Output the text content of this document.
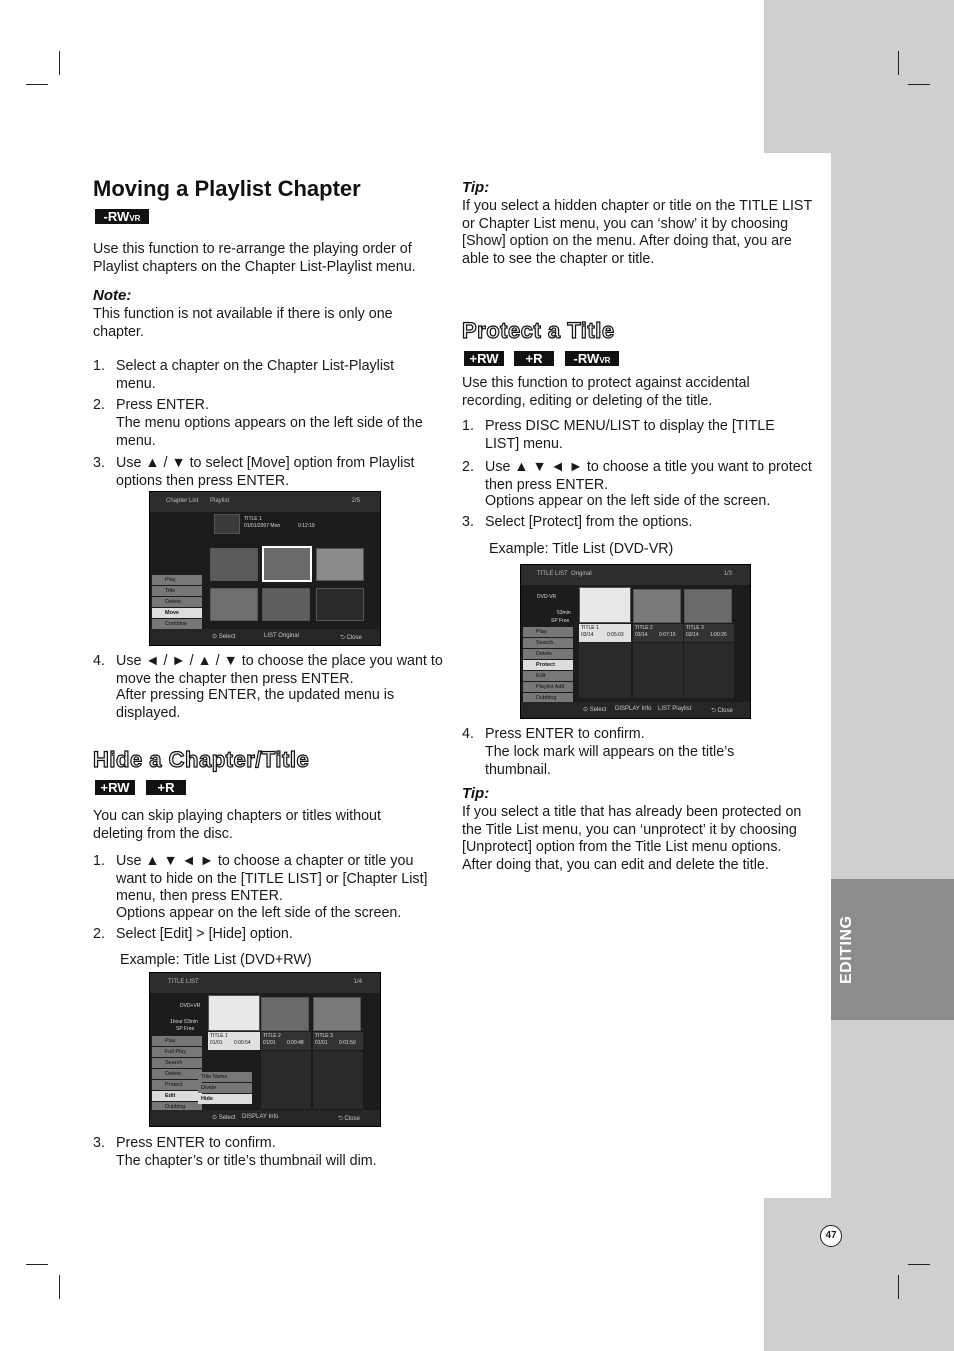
EDITING
47
Moving a Playlist Chapter
-RWVR
Use this function to re-arrange the playing order of Playlist chapters on the Chapter List-Playlist menu.
Note:
This function is not available if there is only one chapter.
1. Select a chapter on the Chapter List-Playlist menu.
2. Press ENTER.
The menu options appears on the left side of the menu.
3. Use ▲ / ▼ to select [Move] option from Playlist options then press ENTER.
Chapter List Playlist	2/5
TITLE 1
01/01/2007 Mon	0:12:19
Play
Title
Delete
Move
Combine
⊙ Select	LIST Original	⮌ Close
4. Use ◄ / ► / ▲ / ▼ to choose the place you want to move the chapter then press ENTER.
After pressing ENTER, the updated menu is displayed.
Hide a Chapter/Title
+RW	+R
You can skip playing chapters or titles without deleting from the disc.
1. Use ▲ ▼ ◄ ► to choose a chapter or title you want to hide on the [TITLE LIST] or [Chapter List] menu, then press ENTER.
Options appear on the left side of the screen.
2. Select [Edit] > [Hide] option.
Example: Title List (DVD+RW)
TITLE LIST	1/4
DVD+VR
1hour 53min
SP Free
TITLE 1
01/01 0:00:54
TITLE 2
01/01 0:00:48
TITLE 3
01/01 0:01:50
Play
Full Play
Search
Delete
Protect
Edit
Dubbing
Title Name
Divide
Hide
⊙ Select DISPLAY Info	⮌ Close
3. Press ENTER to confirm.
The chapter’s or title’s thumbnail will dim.
Tip:
If you select a hidden chapter or title on the TITLE LIST or Chapter List menu, you can ‘show’ it by choosing [Show] option on the menu. After doing that, you are able to see the chapter or title.
Protect a Title
+RW	+R	-RWVR
Use this function to protect against accidental recording, editing or deleting of the title.
1. Press DISC MENU/LIST to display the [TITLE LIST] menu.
2. Use ▲ ▼ ◄ ► to choose a title you want to protect then press ENTER.
Options appear on the left side of the screen.
3. Select [Protect] from the options.
Example: Title List (DVD-VR)
TITLE LIST Original	1/3
DVD-VR
53min
SP Free
TITLE 1
03/14	0:05:03
TITLE 2
03/14 0:07:15
TITLE 3
03/14 1:00:26
Play
Search
Delete
Protect
Edit
Playlist Add
Dubbing
⊙ Select DISPLAY Info LIST Playlist	⮌ Close
4. Press ENTER to confirm.
The lock mark will appears on the title’s thumbnail.
Tip:
If you select a title that has already been protected on the Title List menu, you can ‘unprotect’ it by choosing [Unprotect] option from the Title List menu options. After doing that, you can edit and delete the title.
